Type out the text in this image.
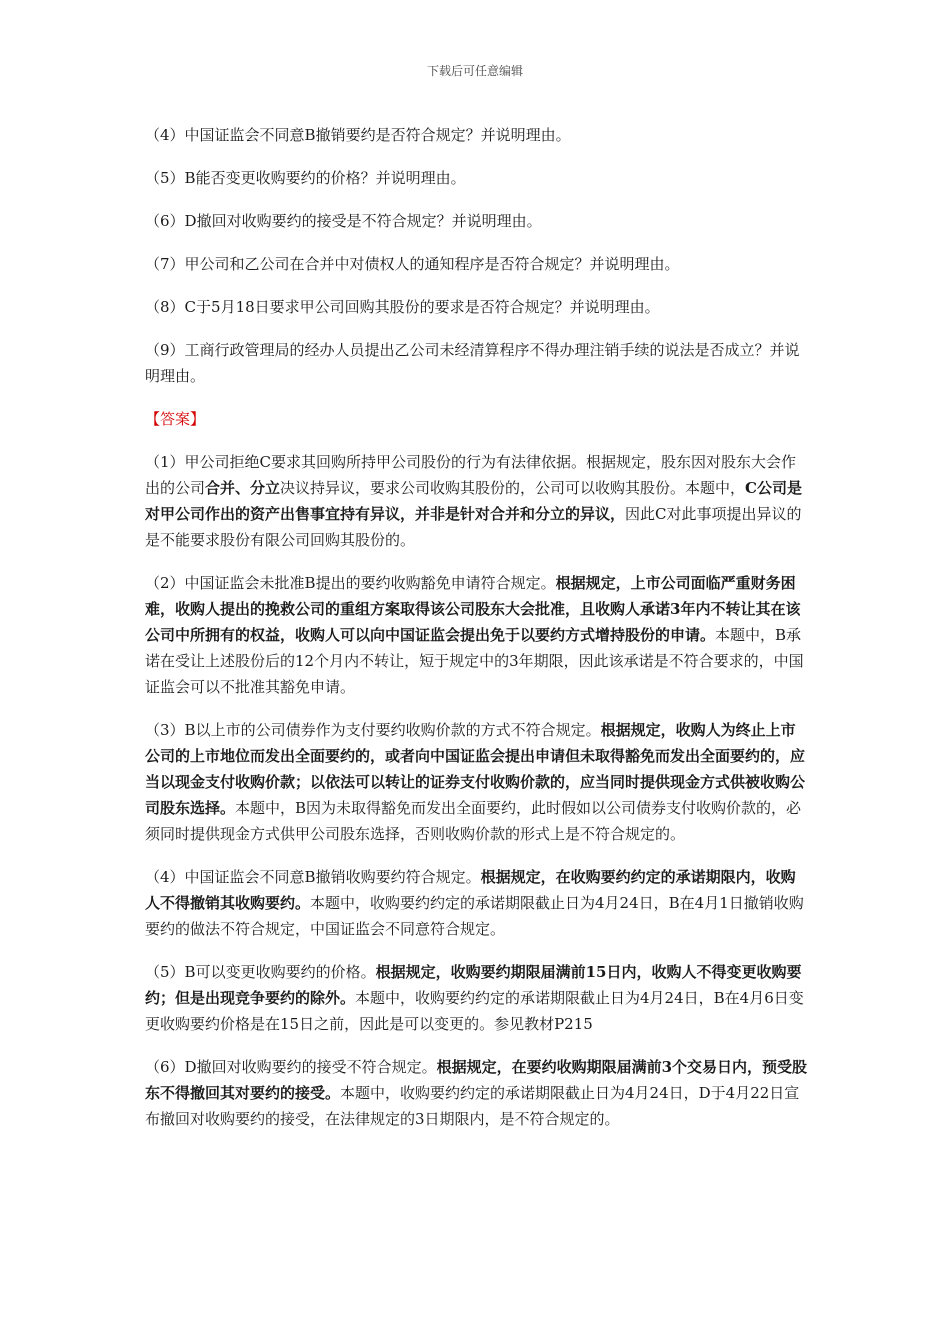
下载后可任意编辑

（4）中国证监会不同意B撤销要约是否符合规定？并说明理由。

（5）B能否变更收购要约的价格？并说明理由。

（6）D撤回对收购要约的接受是不符合规定？并说明理由。

（7）甲公司和乙公司在合并中对债权人的通知程序是否符合规定？并说明理由。

（8）C于5月18日要求甲公司回购其股份的要求是否符合规定？并说明理由。

（9）工商行政管理局的经办人员提出乙公司未经清算程序不得办理注销手续的说法是否成立？并说明理由。

【答案】

（1）甲公司拒绝C要求其回购所持甲公司股份的行为有法律依据。根据规定，股东因对股东大会作出的公司合并、分立决议持异议，要求公司收购其股份的，公司可以收购其股份。本题中，C公司是对甲公司作出的资产出售事宜持有异议，并非是针对合并和分立的异议，因此C对此事项提出异议的是不能要求股份有限公司回购其股份的。

（2）中国证监会未批准B提出的要约收购豁免申请符合规定。根据规定，上市公司面临严重财务困难，收购人提出的挽救公司的重组方案取得该公司股东大会批准，且收购人承诺3年内不转让其在该公司中所拥有的权益，收购人可以向中国证监会提出免于以要约方式增持股份的申请。本题中，B承诺在受让上述股份后的12个月内不转让，短于规定中的3年期限，因此该承诺是不符合要求的，中国证监会可以不批准其豁免申请。

（3）B以上市的公司债券作为支付要约收购价款的方式不符合规定。根据规定，收购人为终止上市公司的上市地位而发出全面要约的，或者向中国证监会提出申请但未取得豁免而发出全面要约的，应当以现金支付收购价款；以依法可以转让的证券支付收购价款的，应当同时提供现金方式供被收购公司股东选择。本题中，B因为未取得豁免而发出全面要约，此时假如以公司债券支付收购价款的，必须同时提供现金方式供甲公司股东选择，否则收购价款的形式上是不符合规定的。

（4）中国证监会不同意B撤销收购要约符合规定。根据规定，在收购要约约定的承诺期限内，收购人不得撤销其收购要约。本题中，收购要约约定的承诺期限截止日为4月24日，B在4月1日撤销收购要约的做法不符合规定，中国证监会不同意符合规定。

（5）B可以变更收购要约的价格。根据规定，收购要约期限届满前15日内，收购人不得变更收购要约；但是出现竞争要约的除外。本题中，收购要约约定的承诺期限截止日为4月24日，B在4月6日变更收购要约价格是在15日之前，因此是可以变更的。参见教材P215

（6）D撤回对收购要约的接受不符合规定。根据规定，在要约收购期限届满前3个交易日内，预受股东不得撤回其对要约的接受。本题中，收购要约约定的承诺期限截止日为4月24日，D于4月22日宣布撤回对收购要约的接受，在法律规定的3日期限内，是不符合规定的。
